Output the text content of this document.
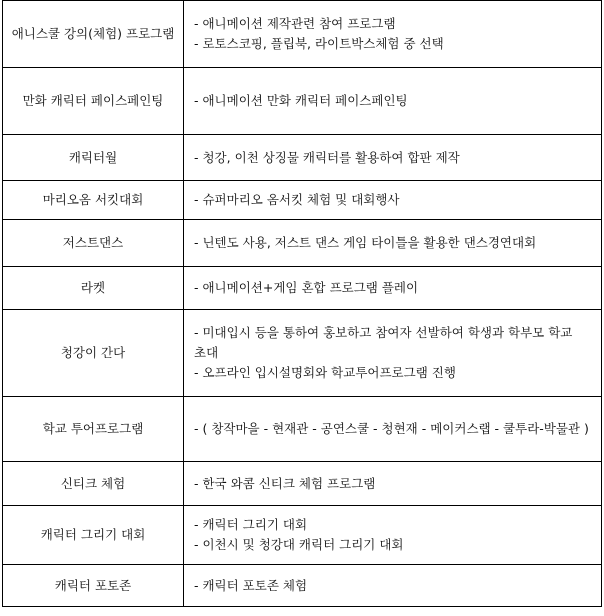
애니스쿨 강의(체험) 프로그램	- 애니메이션 제작관련 참여 프로그램
- 로토스코핑, 플립북, 라이트박스체험 중 선택

만화 캐릭터 페이스페인팅	- 애니메이션 만화 캐릭터 페이스페인팅

캐릭터월	- 청강, 이천 상징물 캐릭터를 활용하여 합판 제작

마리오옴 서킷대회	- 슈퍼마리오 옴서킷 체험 및 대회행사

저스트댄스	- 닌텐도 사용, 저스트 댄스 게임 타이틀을 활용한 댄스경연대회

라켓	- 애니메이션+게임 혼합 프로그램 플레이

청강이 간다	- 미대입시 등을 통하여 홍보하고 참여자 선발하여 학생과 학부모 학교 초대
- 오프라인 입시설명회와 학교투어프로그램 진행

학교 투어프로그램	- ( 창작마을 - 현재관 - 공연스쿨 - 청현재 - 메이커스랩 - 쿨투라-박물관 )

신티크 체험	- 한국 와콤 신티크 체험 프로그램

캐릭터 그리기 대회	- 캐릭터 그리기 대회
- 이천시 및 청강대 캐릭터 그리기 대회

캐릭터 포토존	- 캐릭터 포토존 체험
